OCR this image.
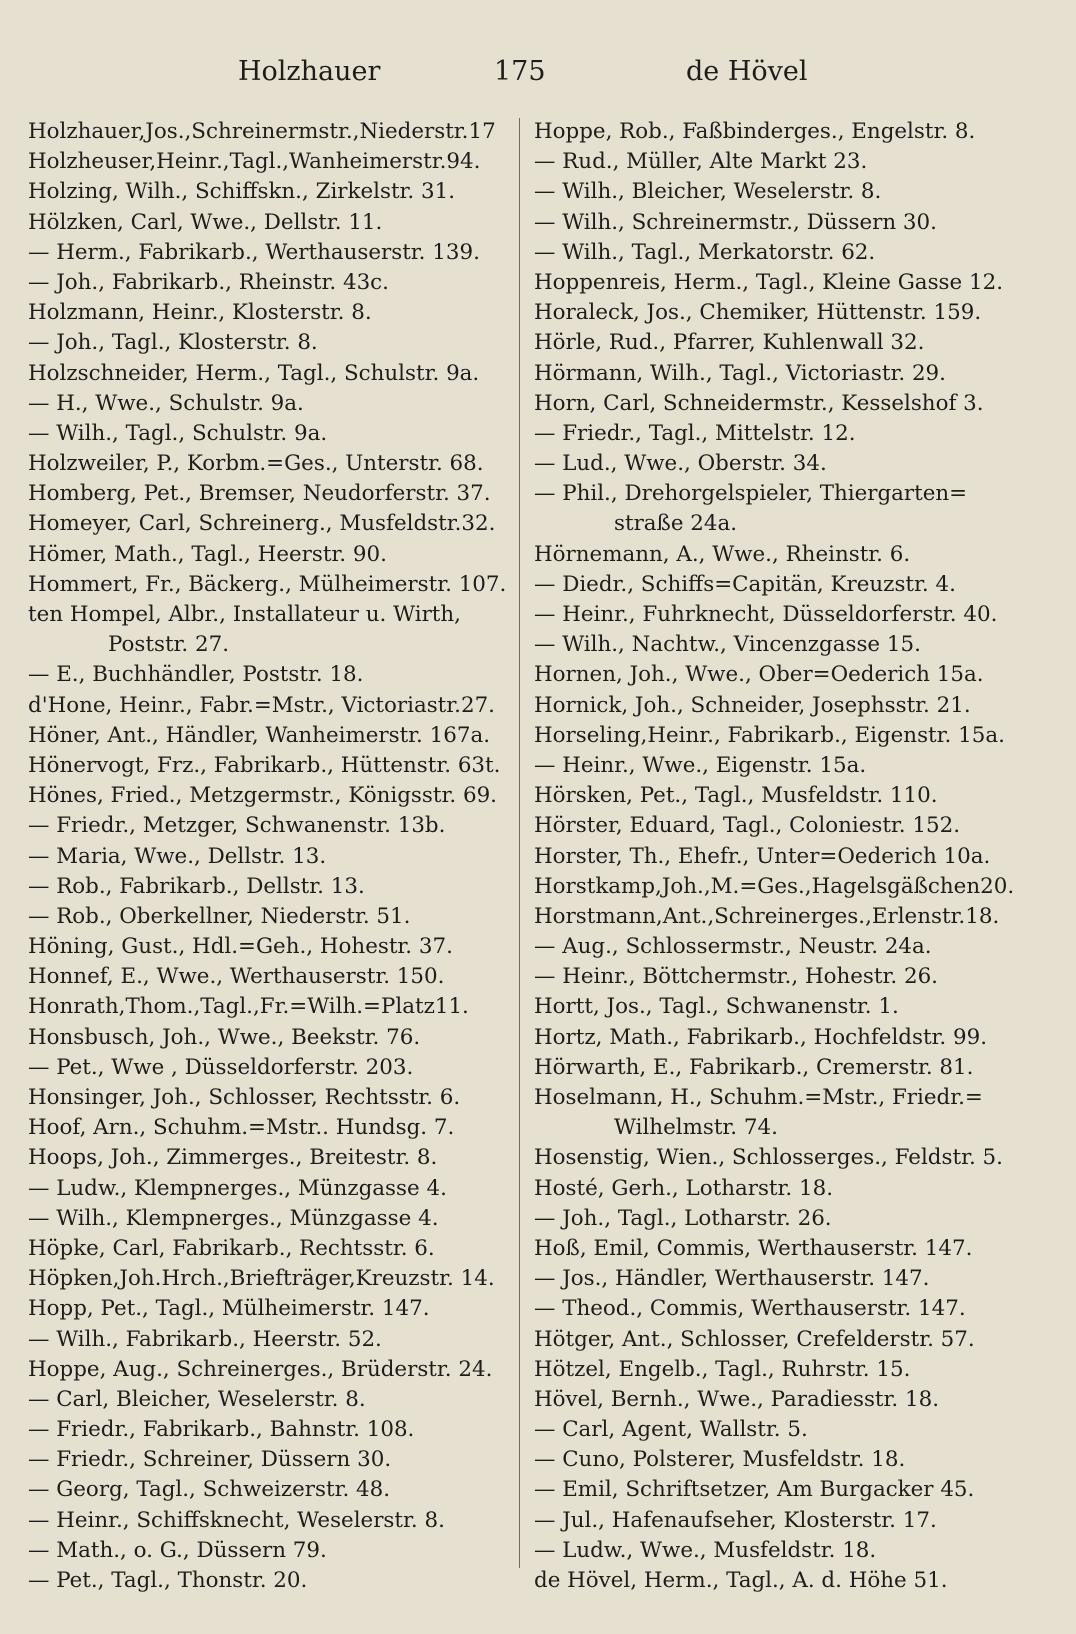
Holzhauer	175	de Hövel
Holzhauer,Jos.,Schreinermstr.,Niederstr.17
Holzheuser,Heinr.,Tagl.,Wanheimerstr.94.
Holzing, Wilh., Schiffskn., Zirkelstr. 31.
Hölzken, Carl, Wwe., Dellstr. 11.
— Herm., Fabrikarb., Werthauserstr. 139.
— Joh., Fabrikarb., Rheinstr. 43c.
Holzmann, Heinr., Klosterstr. 8.
— Joh., Tagl., Klosterstr. 8.
Holzschneider, Herm., Tagl., Schulstr. 9a.
— H., Wwe., Schulstr. 9a.
— Wilh., Tagl., Schulstr. 9a.
Holzweiler, P., Korbm.=Ges., Unterstr. 68.
Homberg, Pet., Bremser, Neudorferstr. 37.
Homeyer, Carl, Schreinerg., Musfeldstr.32.
Hömer, Math., Tagl., Heerstr. 90.
Hommert, Fr., Bäckerg., Mülheimerstr. 107.
ten Hompel, Albr., Installateur u. Wirth,
Poststr. 27.
— E., Buchhändler, Poststr. 18.
d'Hone, Heinr., Fabr.=Mstr., Victoriastr.27.
Höner, Ant., Händler, Wanheimerstr. 167a.
Hönervogt, Frz., Fabrikarb., Hüttenstr. 63t.
Hönes, Fried., Metzgermstr., Königsstr. 69.
— Friedr., Metzger, Schwanenstr. 13b.
— Maria, Wwe., Dellstr. 13.
— Rob., Fabrikarb., Dellstr. 13.
— Rob., Oberkellner, Niederstr. 51.
Höning, Gust., Hdl.=Geh., Hohestr. 37.
Honnef, E., Wwe., Werthauserstr. 150.
Honrath,Thom.,Tagl.,Fr.=Wilh.=Platz11.
Honsbusch, Joh., Wwe., Beekstr. 76.
— Pet., Wwe , Düsseldorferstr. 203.
Honsinger, Joh., Schlosser, Rechtsstr. 6.
Hoof, Arn., Schuhm.=Mstr.. Hundsg. 7.
Hoops, Joh., Zimmerges., Breitestr. 8.
— Ludw., Klempnerges., Münzgasse 4.
— Wilh., Klempnerges., Münzgasse 4.
Höpke, Carl, Fabrikarb., Rechtsstr. 6.
Höpken,Joh.Hrch.,Briefträger,Kreuzstr. 14.
Hopp, Pet., Tagl., Mülheimerstr. 147.
— Wilh., Fabrikarb., Heerstr. 52.
Hoppe, Aug., Schreinerges., Brüderstr. 24.
— Carl, Bleicher, Weselerstr. 8.
— Friedr., Fabrikarb., Bahnstr. 108.
— Friedr., Schreiner, Düssern 30.
— Georg, Tagl., Schweizerstr. 48.
— Heinr., Schiffsknecht, Weselerstr. 8.
— Math., o. G., Düssern 79.
— Pet., Tagl., Thonstr. 20.
Hoppe, Rob., Faßbinderges., Engelstr. 8.
— Rud., Müller, Alte Markt 23.
— Wilh., Bleicher, Weselerstr. 8.
— Wilh., Schreinermstr., Düssern 30.
— Wilh., Tagl., Merkatorstr. 62.
Hoppenreis, Herm., Tagl., Kleine Gasse 12.
Horaleck, Jos., Chemiker, Hüttenstr. 159.
Hörle, Rud., Pfarrer, Kuhlenwall 32.
Hörmann, Wilh., Tagl., Victoriastr. 29.
Horn, Carl, Schneidermstr., Kesselshof 3.
— Friedr., Tagl., Mittelstr. 12.
— Lud., Wwe., Oberstr. 34.
— Phil., Drehorgelspieler, Thiergarten=
straße 24a.
Hörnemann, A., Wwe., Rheinstr. 6.
— Diedr., Schiffs=Capitän, Kreuzstr. 4.
— Heinr., Fuhrknecht, Düsseldorferstr. 40.
— Wilh., Nachtw., Vincenzgasse 15.
Hornen, Joh., Wwe., Ober=Oederich 15a.
Hornick, Joh., Schneider, Josephsstr. 21.
Horseling,Heinr., Fabrikarb., Eigenstr. 15a.
— Heinr., Wwe., Eigenstr. 15a.
Hörsken, Pet., Tagl., Musfeldstr. 110.
Hörster, Eduard, Tagl., Coloniestr. 152.
Horster, Th., Ehefr., Unter=Oederich 10a.
Horstkamp,Joh.,M.=Ges.,Hagelsgäßchen20.
Horstmann,Ant.,Schreinerges.,Erlenstr.18.
— Aug., Schlossermstr., Neustr. 24a.
— Heinr., Böttchermstr., Hohestr. 26.
Hortt, Jos., Tagl., Schwanenstr. 1.
Hortz, Math., Fabrikarb., Hochfeldstr. 99.
Hörwarth, E., Fabrikarb., Cremerstr. 81.
Hoselmann, H., Schuhm.=Mstr., Friedr.=
Wilhelmstr. 74.
Hosenstig, Wien., Schlosserges., Feldstr. 5.
Hosté, Gerh., Lotharstr. 18.
— Joh., Tagl., Lotharstr. 26.
Hoß, Emil, Commis, Werthauserstr. 147.
— Jos., Händler, Werthauserstr. 147.
— Theod., Commis, Werthauserstr. 147.
Hötger, Ant., Schlosser, Crefelderstr. 57.
Hötzel, Engelb., Tagl., Ruhrstr. 15.
Hövel, Bernh., Wwe., Paradiesstr. 18.
— Carl, Agent, Wallstr. 5.
— Cuno, Polsterer, Musfeldstr. 18.
— Emil, Schriftsetzer, Am Burgacker 45.
— Jul., Hafenaufseher, Klosterstr. 17.
— Ludw., Wwe., Musfeldstr. 18.
de Hövel, Herm., Tagl., A. d. Höhe 51.
